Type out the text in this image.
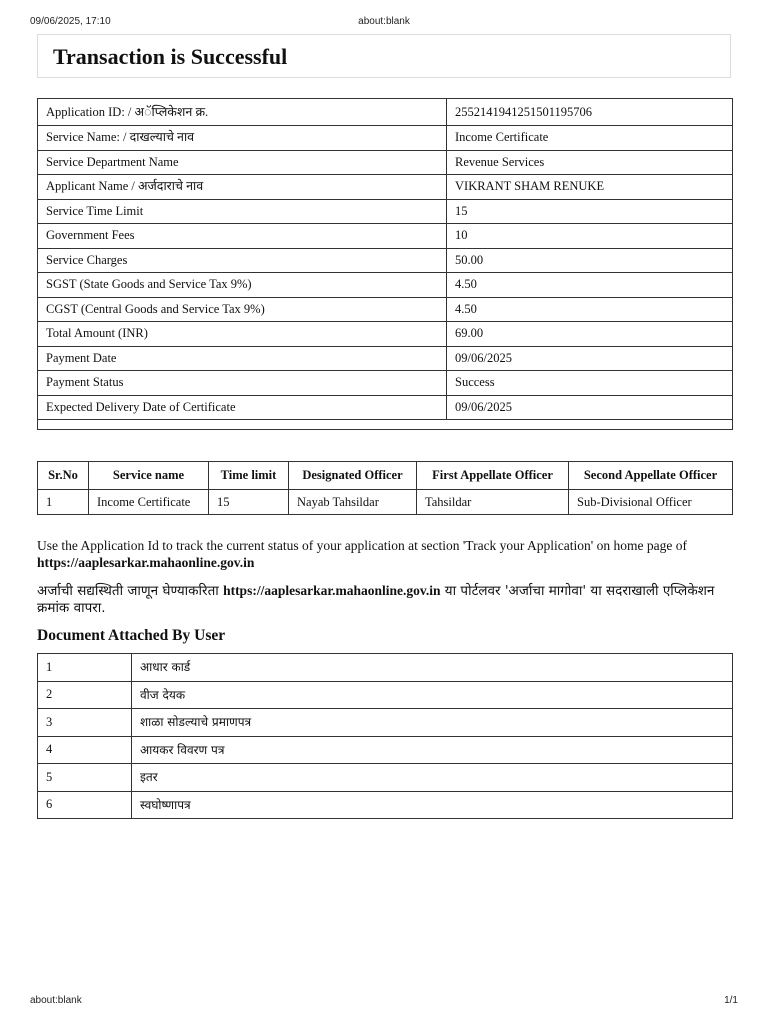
09/06/2025, 17:10	about:blank
Transaction is Successful
Application ID: / अॅप्लिकेशन क्र.	255214194125150119570​6
Service Name: / दाखल्याचे नाव	Income Certificate
Service Department Name	Revenue Services
Applicant Name / अर्जदाराचे नाव	VIKRANT SHAM RENUKE
Service Time Limit	15
Government Fees	10
Service Charges	50.00
SGST (State Goods and Service Tax 9%)	4.50
CGST (Central Goods and Service Tax 9%)	4.50
Total Amount (INR)	69.00
Payment Date	09/06/2025
Payment Status	Success
Expected Delivery Date of Certificate	09/06/2025

Sr.No	Service name	Time limit	Designated Officer	First Appellate Officer	Second Appellate Officer
1	Income Certificate	15	Nayab Tahsildar	Tahsildar	Sub-Divisional Officer
Use the Application Id to track the current status of your application at section 'Track your Application' on home page of
https://aaplesarkar.mahaonline.gov.in
अर्जाची सद्यस्थिती जाणून घेण्याकरिता https://aaplesarkar.mahaonline.gov.in या पोर्टलवर 'अर्जाचा मागोवा' या सदराखाली एप्लिकेशन क्रमांक वापरा.
Document Attached By User
1	आधार कार्ड
2	वीज देयक
3	शाळा सोडल्याचे प्रमाणपत्र
4	आयकर विवरण पत्र
5	इतर
6	स्वघोष्णापत्र
about:blank	1/1
